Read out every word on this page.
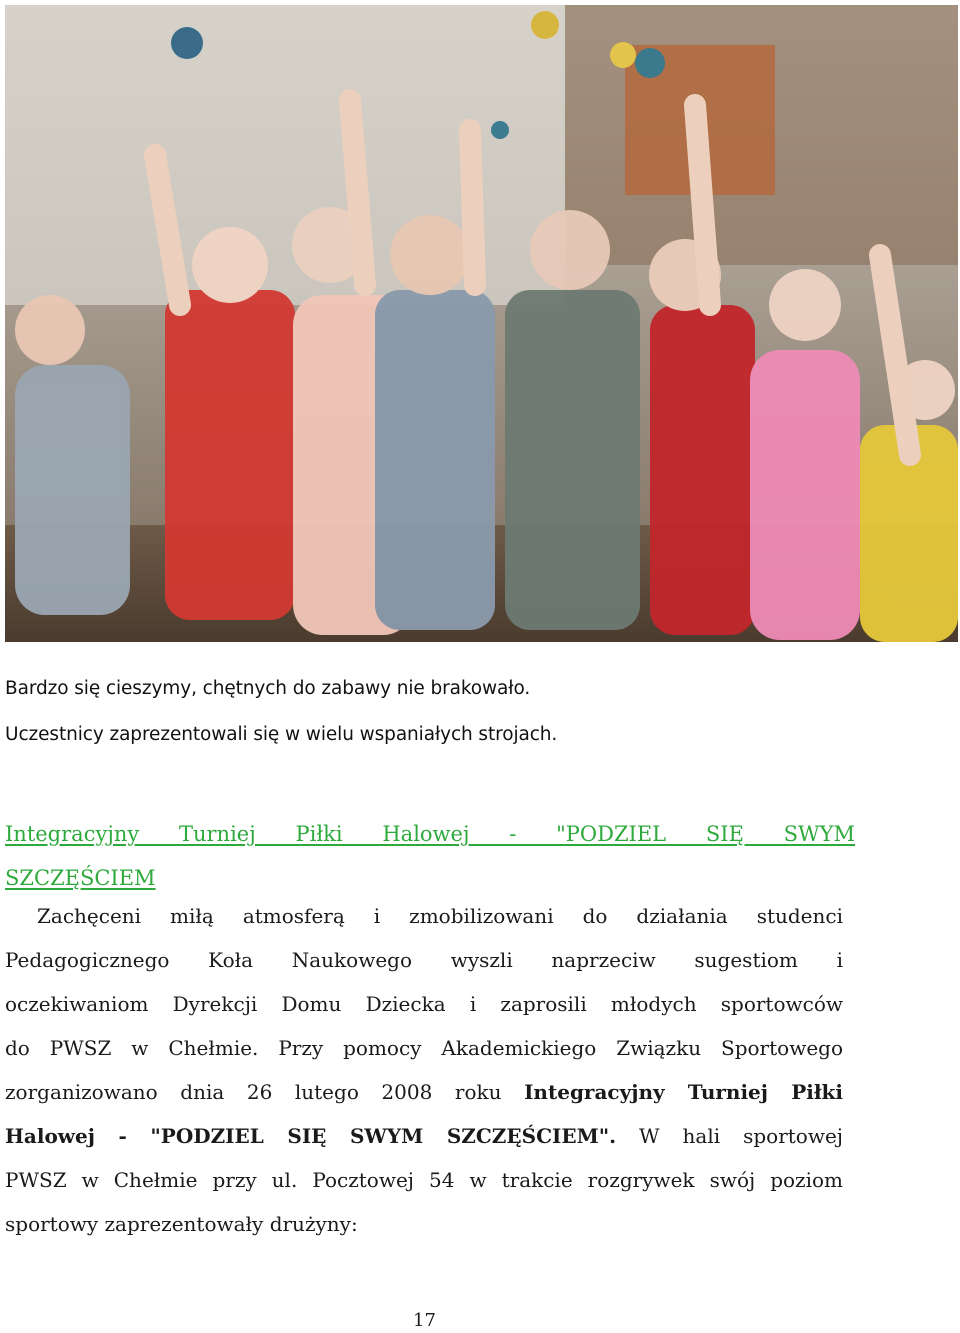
Bardzo się cieszymy, chętnych do zabawy nie brakowało.
Uczestnicy zaprezentowali się w wielu wspaniałych strojach.
Integracyjny Turniej Piłki Halowej - "PODZIEL SIĘ SWYM
SZCZĘŚCIEM
Zachęceni miłą atmosferą i zmobilizowani do działania studenci
Pedagogicznego Koła Naukowego wyszli naprzeciw sugestiom i
oczekiwaniom Dyrekcji Domu Dziecka i zaprosili młodych sportowców
do PWSZ w Chełmie. Przy pomocy Akademickiego Związku Sportowego
zorganizowano dnia 26 lutego 2008 roku Integracyjny Turniej Piłki
Halowej - "PODZIEL SIĘ SWYM SZCZĘŚCIEM". W hali sportowej
PWSZ w Chełmie przy ul. Pocztowej 54 w trakcie rozgrywek swój poziom
sportowy zaprezentowały drużyny:
17
